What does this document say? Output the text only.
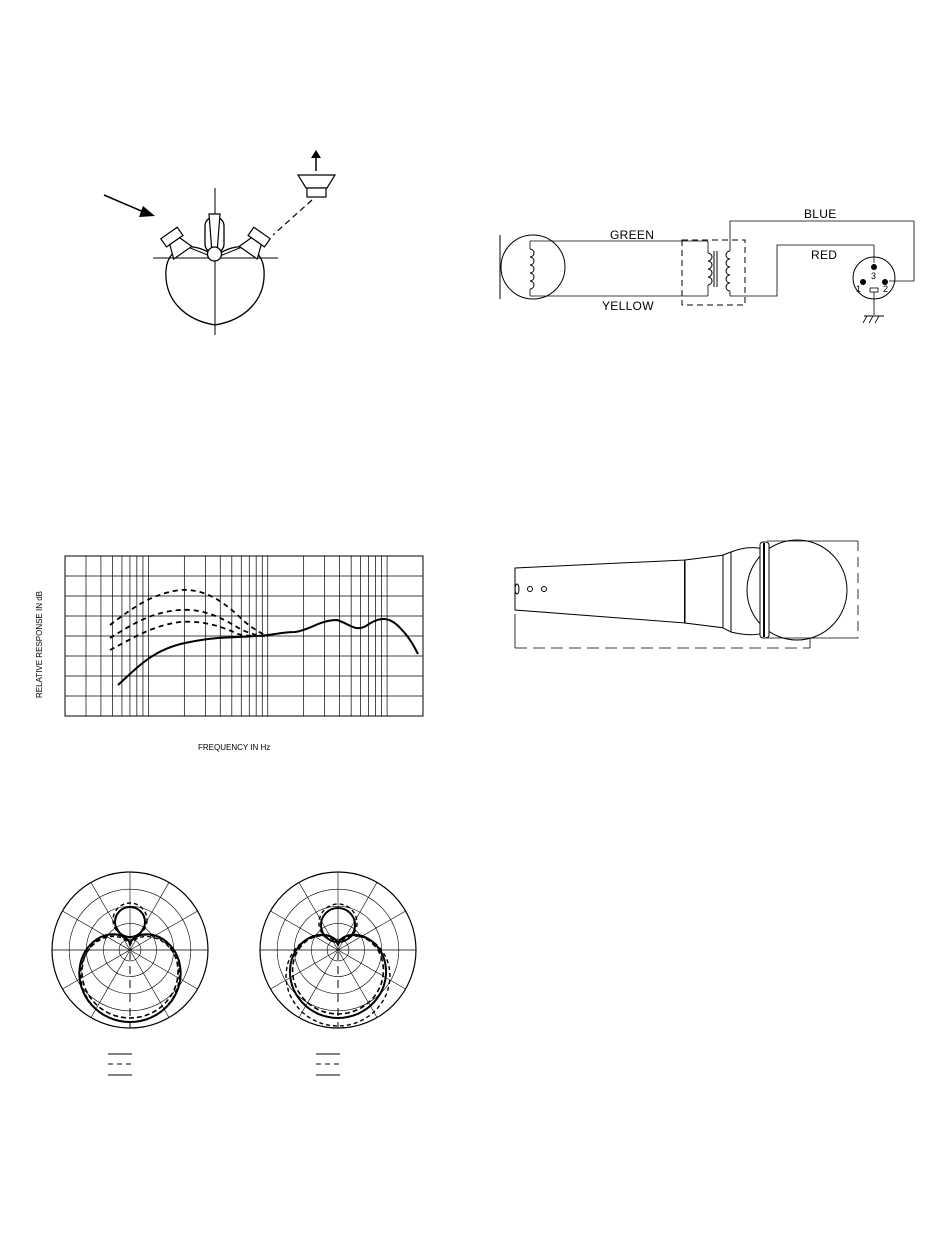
3
1 2
GREEN
YELLOW
BLUE
RED
RELATIVE RESPONSE IN dB
FREQUENCY IN Hz
